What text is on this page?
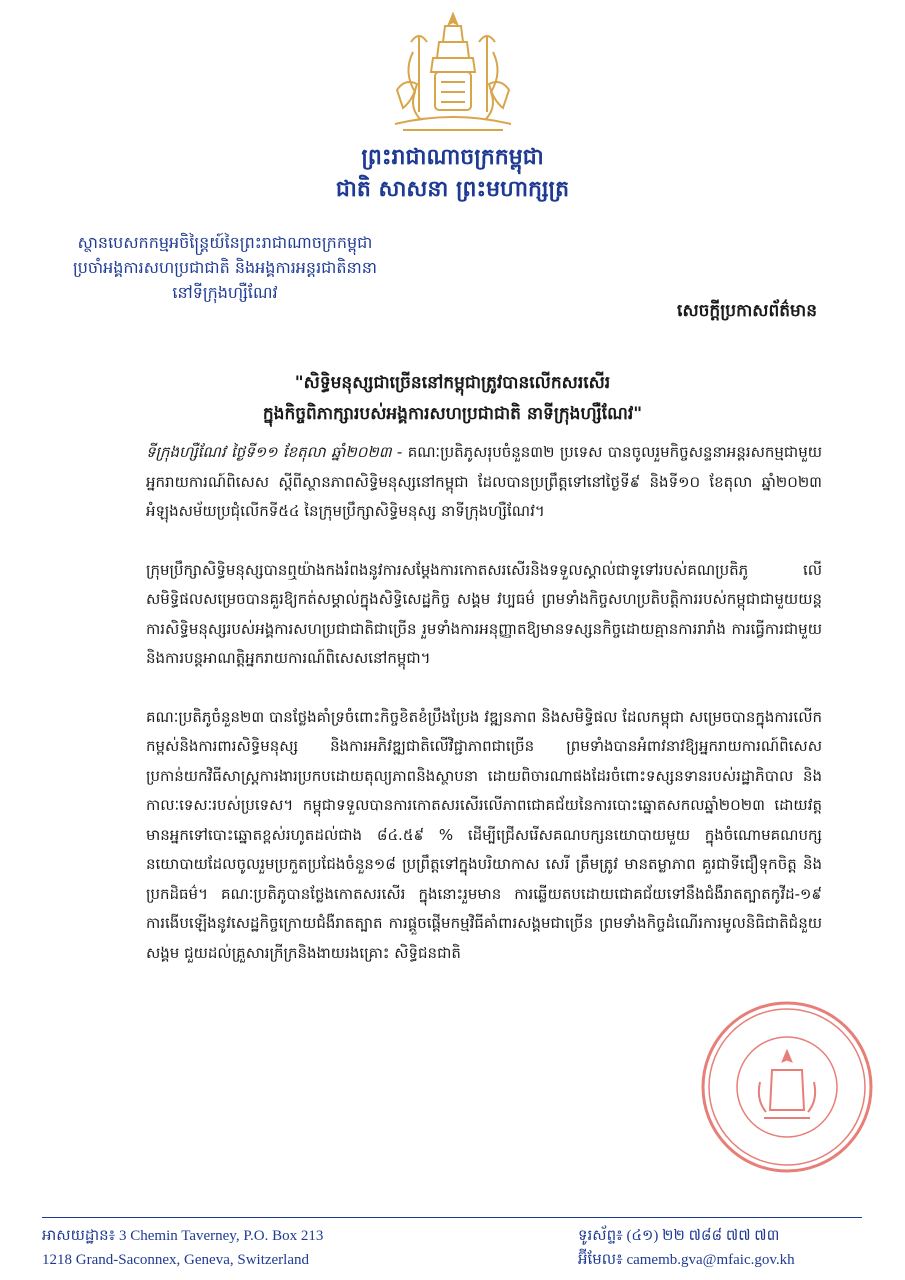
ព្រះរាជាណាចក្រកម្ពុជា
ជាតិ សាសនា ព្រះមហាក្សត្រ
ស្ថានបេសកកម្មអចិន្ត្រៃយ៍នៃព្រះរាជាណាចក្រកម្ពុជា
ប្រចាំអង្គការសហប្រជាជាតិ និងអង្គការអន្តរជាតិនានា
នៅទីក្រុងហ្សឺណែវ
សេចក្តីប្រកាសព័ត៌មាន
"សិទ្ធិមនុស្សជាច្រើននៅកម្ពុជាត្រូវបានលើកសរសើរ
ក្នុងកិច្ចពិភាក្សារបស់អង្គការសហប្រជាជាតិ នាទីក្រុងហ្សឺណែវ"

ទីក្រុងហ្សឺណែវ ថ្ងៃទី១១ ខែតុលា ឆ្នាំ២០២៣ - គណៈប្រតិភូសរុបចំនួន៣២ ប្រទេស បានចូលរួមកិច្ចសន្ទនាអន្តរសកម្មជាមួយអ្នករាយការណ៍ពិសេស ស្តីពីស្ថានភាពសិទ្ធិមនុស្សនៅកម្ពុជា ដែលបានប្រព្រឹត្តទៅនៅថ្ងៃទី៩ និងទី១០ ខែតុលា ឆ្នាំ២០២៣ អំឡុងសម័យប្រជុំលើកទី៥៤ នៃក្រុមប្រឹក្សាសិទ្ធិមនុស្ស នាទីក្រុងហ្សឺណែវ។

ក្រុមប្រឹក្សាសិទ្ធិមនុស្សបានឮយ៉ាងកងរំពងនូវការសម្តែងការកោតសរសើរនិងទទួលស្គាល់ជាទូទៅរបស់គណប្រតិភូ លើសមិទ្ធិផលសម្រេចបានគួរឱ្យកត់សម្គាល់ក្នុងសិទ្ធិសេដ្ឋកិច្ច សង្គម វប្បធម៌ ព្រមទាំងកិច្ចសហប្រតិបត្តិការរបស់កម្ពុជាជាមួយយន្តការសិទ្ធិមនុស្សរបស់អង្គការសហប្រជាជាតិជាច្រើន រួមទាំងការអនុញ្ញាតឱ្យមានទស្សនកិច្ចដោយគ្មានការរារាំង ការធ្វើការជាមួយ និងការបន្តអាណត្តិអ្នករាយការណ៍ពិសេសនៅកម្ពុជា។

គណៈប្រតិភូចំនួន២៣ បានថ្លែងគាំទ្រចំពោះកិច្ចខិតខំប្រឹងប្រែង វឌ្ឍនភាព និងសមិទ្ធិផល ដែលកម្ពុជា សម្រេចបានក្នុងការលើកកម្ពស់និងការពារសិទ្ធិមនុស្ស និងការអភិវឌ្ឍជាតិលើវិជ្ជាភាពជាច្រើន ព្រមទាំងបានអំពាវនាវឱ្យអ្នករាយការណ៍ពិសេស ប្រកាន់យកវិធីសាស្ត្រការងារប្រកបដោយតុល្យភាពនិងស្ថាបនា ដោយពិចារណាផងដែរចំពោះទស្សនទានរបស់រដ្ឋាភិបាល និងកាលៈទេសៈរបស់ប្រទេស។ កម្ពុជាទទួលបានការកោតសរសើរលើភាពជោគជ័យនៃការបោះឆ្នោតសកលឆ្នាំ២០២៣ ដោយវត្តមានអ្នកទៅបោះឆ្នោតខ្ពស់រហូតដល់ជាង ៨៤.៥៩ % ដើម្បីជ្រើសរើសគណបក្សនយោបាយមួយ ក្នុងចំណោមគណបក្សនយោបាយដែលចូលរួមប្រកួតប្រជែងចំនួន១៨ ប្រព្រឹត្តទៅក្នុងបរិយាកាស សេរី ត្រឹមត្រូវ មានតម្លាភាព គួរជាទីជឿទុកចិត្ត និងប្រកដិធម៌។ គណៈប្រតិភូបានថ្លែងកោតសរសើរ ក្នុងនោះរួមមាន ការឆ្លើយតបដោយជោគជ័យទៅនឹងជំងឺរាតត្បាតកូវីដ-១៩ ការងើបឡើងនូវសេដ្ឋកិច្ចក្រោយជំងឺរាតត្បាត ការផ្តួចផ្តើមកម្មវិធីគាំពារសង្គមជាច្រើន ព្រមទាំងកិច្ចដំណើរការមូលនិធិជាតិជំនួយសង្គម ជួយដល់គ្រួសារក្រីក្រនិងងាយរងគ្រោះ សិទ្ធិជនជាតិ

អាសយដ្ឋាន៖ 3 Chemin Taverney, P.O. Box 213
1218 Grand-Saconnex, Geneva, Switzerland
ទូរស័ព្ទ៖ (៤១) ២២ ៧៨៨ ៧៧ ៧៣
អ៊ីមែល៖ camemb.gva@mfaic.gov.kh
